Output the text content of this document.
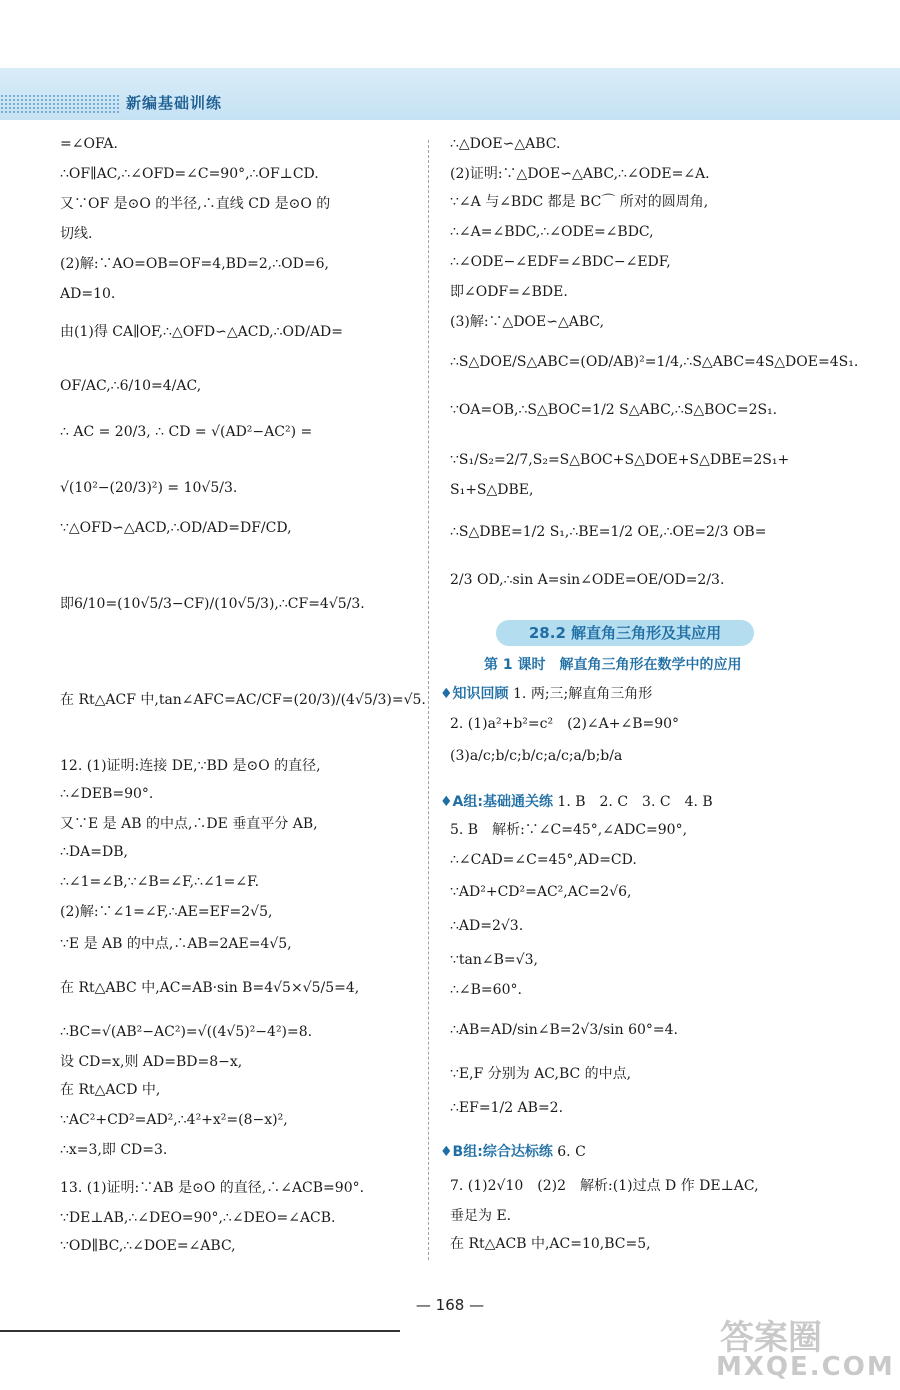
新编基础训练
=∠OFA.
∴OF∥AC,∴∠OFD=∠C=90°,∴OF⊥CD.
又∵OF 是⊙O 的半径,∴直线 CD 是⊙O 的
切线.
(2)解:∵AO=OB=OF=4,BD=2,∴OD=6,
AD=10.
由(1)得 CA∥OF,∴△OFD∽△ACD,∴OD/AD=
OF/AC,∴6/10=4/AC,
∴ AC = 20/3, ∴ CD = √(AD²−AC²) =
√(10²−(20/3)²) = 10√5/3.
∵△OFD∽△ACD,∴OD/AD=DF/CD,
即6/10=(10√5/3−CF)/(10√5/3),∴CF=4√5/3.
在 Rt△ACF 中,tan∠AFC=AC/CF=(20/3)/(4√5/3)=√5.
12. (1)证明:连接 DE,∵BD 是⊙O 的直径,
∴∠DEB=90°.
又∵E 是 AB 的中点,∴DE 垂直平分 AB,
∴DA=DB,
∴∠1=∠B,∵∠B=∠F,∴∠1=∠F.
(2)解:∵∠1=∠F,∴AE=EF=2√5,
∵E 是 AB 的中点,∴AB=2AE=4√5,
在 Rt△ABC 中,AC=AB·sin B=4√5×√5/5=4,
∴BC=√(AB²−AC²)=√((4√5)²−4²)=8.
设 CD=x,则 AD=BD=8−x,
在 Rt△ACD 中,
∵AC²+CD²=AD²,∴4²+x²=(8−x)²,
∴x=3,即 CD=3.
13. (1)证明:∵AB 是⊙O 的直径,∴∠ACB=90°.
∵DE⊥AB,∴∠DEO=90°,∴∠DEO=∠ACB.
∵OD∥BC,∴∠DOE=∠ABC,
∴△DOE∽△ABC.
(2)证明:∵△DOE∽△ABC,∴∠ODE=∠A.
∵∠A 与∠BDC 都是 BC⌒ 所对的圆周角,
∴∠A=∠BDC,∴∠ODE=∠BDC,
∴∠ODE−∠EDF=∠BDC−∠EDF,
即∠ODF=∠BDE.
(3)解:∵△DOE∽△ABC,
∴S△DOE/S△ABC=(OD/AB)²=1/4,∴S△ABC=4S△DOE=4S₁.
∵OA=OB,∴S△BOC=1/2 S△ABC,∴S△BOC=2S₁.
∵S₁/S₂=2/7,S₂=S△BOC+S△DOE+S△DBE=2S₁+
S₁+S△DBE,
∴S△DBE=1/2 S₁,∴BE=1/2 OE,∴OE=2/3 OB=
2/3 OD,∴sin A=sin∠ODE=OE/OD=2/3.
28.2 解直角三角形及其应用
第 1 课时　解直角三角形在数学中的应用
♦知识回顾 1. 两;三;解直角三角形
2. (1)a²+b²=c²　(2)∠A+∠B=90°
(3)a/c;b/c;b/c;a/c;a/b;b/a
♦A组:基础通关练 1. B　2. C　3. C　4. B
5. B　解析:∵∠C=45°,∠ADC=90°,
∴∠CAD=∠C=45°,AD=CD.
∵AD²+CD²=AC²,AC=2√6,
∴AD=2√3.
∵tan∠B=√3,
∴∠B=60°.
∴AB=AD/sin∠B=2√3/sin 60°=4.
∵E,F 分别为 AC,BC 的中点,
∴EF=1/2 AB=2.
♦B组:综合达标练 6. C
7. (1)2√10　(2)2　解析:(1)过点 D 作 DE⊥AC,
垂足为 E.
在 Rt△ACB 中,AC=10,BC=5,
— 168 —
答案圈
MXQE.COM
